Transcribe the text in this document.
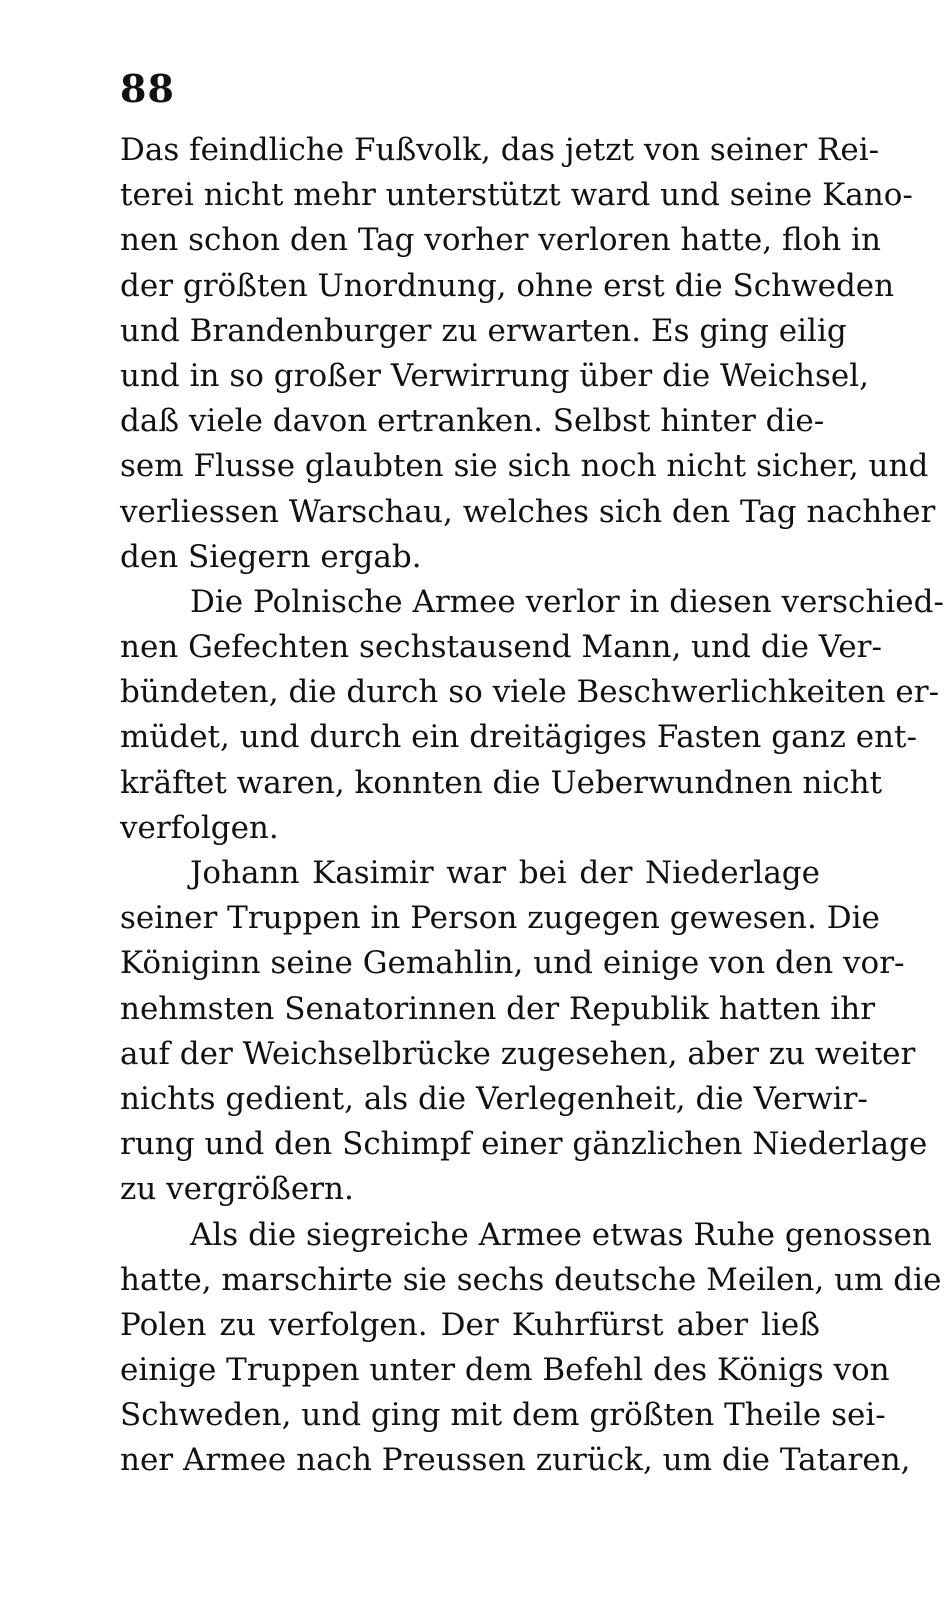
88
Das feindliche Fußvolk, das jetzt von seiner Rei-
terei nicht mehr unterstützt ward und seine Kano-
nen schon den Tag vorher verloren hatte, floh in
der größten Unordnung, ohne erst die Schweden
und Brandenburger zu erwarten. Es ging eilig
und in so großer Verwirrung über die Weichsel,
daß viele davon ertranken. Selbst hinter die-
sem Flusse glaubten sie sich noch nicht sicher, und
verliessen Warschau, welches sich den Tag nachher
den Siegern ergab.
Die Polnische Armee verlor in diesen verschied-
nen Gefechten sechstausend Mann, und die Ver-
bündeten, die durch so viele Beschwerlichkeiten er-
müdet, und durch ein dreitägiges Fasten ganz ent-
kräftet waren, konnten die Ueberwundnen nicht
verfolgen.
Johann Kasimir war bei der Niederlage
seiner Truppen in Person zugegen gewesen. Die
Königinn seine Gemahlin, und einige von den vor-
nehmsten Senatorinnen der Republik hatten ihr
auf der Weichselbrücke zugesehen, aber zu weiter
nichts gedient, als die Verlegenheit, die Verwir-
rung und den Schimpf einer gänzlichen Niederlage
zu vergrößern.
Als die siegreiche Armee etwas Ruhe genossen
hatte, marschirte sie sechs deutsche Meilen, um die
Polen zu verfolgen. Der Kuhrfürst aber ließ
einige Truppen unter dem Befehl des Königs von
Schweden, und ging mit dem größten Theile sei-
ner Armee nach Preussen zurück, um die Tataren,
